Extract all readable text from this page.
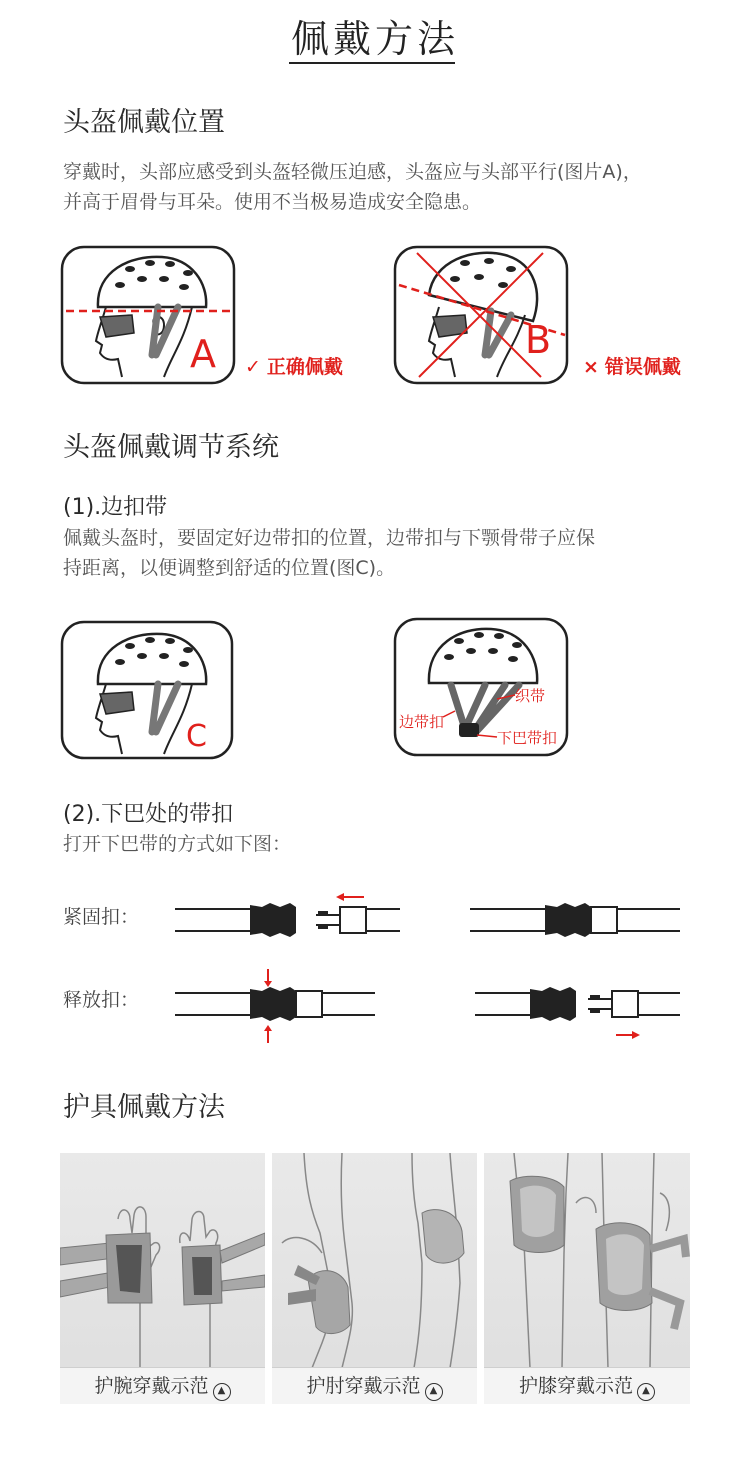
佩戴方法
头盔佩戴位置
穿戴时，头部应感受到头盔轻微压迫感，头盔应与头部平行(图片A)，
并高于眉骨与耳朵。使用不当极易造成安全隐患。
A ✓ 正确佩戴
B
× 错误佩戴
头盔佩戴调节系统
(1).边扣带
佩戴头盔时，要固定好边带扣的位置，边带扣与下颚骨带子应保
持距离，以便调整到舒适的位置(图C)。
C
织带
边带扣
下巴带扣
(2).下巴处的带扣
打开下巴带的方式如下图：
紧固扣：
释放扣：
护具佩戴方法
护腕穿戴示范 ▲	护肘穿戴示范 ▲	护膝穿戴示范 ▲
